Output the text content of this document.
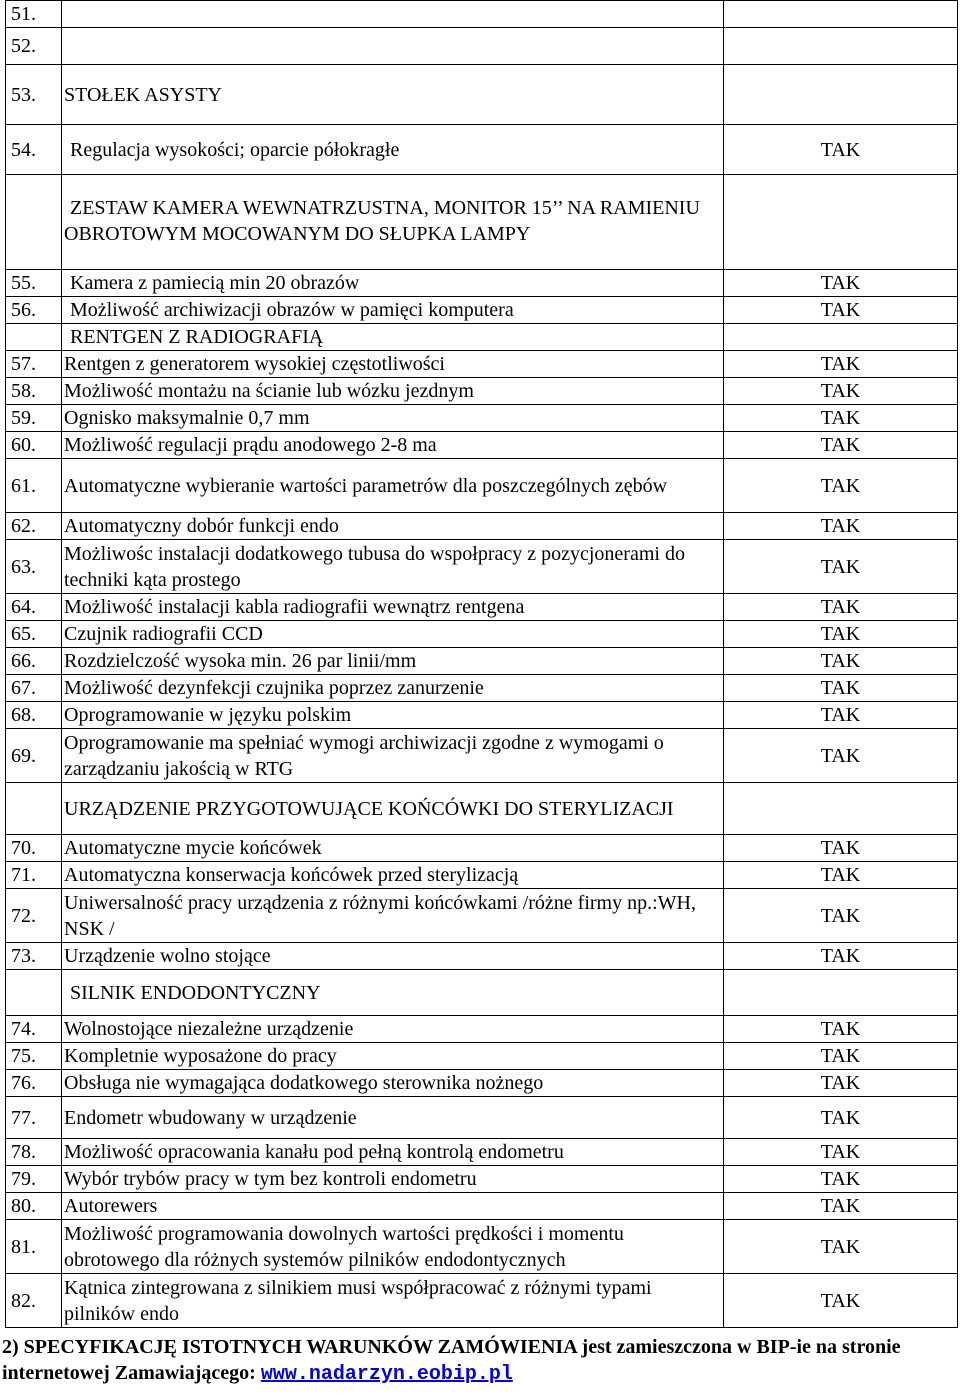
51.		
52.		
53.	STOŁEK ASYSTY	
54.	Regulacja wysokości; oparcie półokragłe	TAK
	ZESTAW KAMERA WEWNATRZUSTNA, MONITOR 15’’ NA RAMIENIU OBROTOWYM MOCOWANYM DO SŁUPKA LAMPY	
55.	Kamera z pamiecią min 20 obrazów	TAK
56.	Możliwość archiwizacji obrazów w pamięci komputera	TAK
	RENTGEN Z RADIOGRAFIĄ	
57.	Rentgen z generatorem wysokiej częstotliwości	TAK
58.	Możliwość montażu na ścianie lub wózku jezdnym	TAK
59.	Ognisko maksymalnie 0,7 mm	TAK
60.	Możliwość regulacji prądu anodowego 2-8 ma	TAK
61.	Automatyczne wybieranie wartości parametrów dla poszczególnych zębów	TAK
62.	Automatyczny dobór funkcji endo	TAK
63.	Możliwośc instalacji dodatkowego tubusa do wspołpracy z pozycjonerami do techniki kąta prostego	TAK
64.	Możliwość instalacji kabla radiografii wewnątrz rentgena	TAK
65.	Czujnik radiografii CCD	TAK
66.	Rozdzielczość wysoka min. 26 par linii/mm	TAK
67.	Możliwość dezynfekcji czujnika poprzez zanurzenie	TAK
68.	Oprogramowanie w języku polskim	TAK
69.	Oprogramowanie ma spełniać wymogi archiwizacji zgodne z wymogami o zarządzaniu jakością w RTG	TAK
	URZĄDZENIE PRZYGOTOWUJĄCE KOŃCÓWKI DO STERYLIZACJI	
70.	Automatyczne mycie końcówek	TAK
71.	Automatyczna konserwacja końcówek przed sterylizacją	TAK
72.	Uniwersalność pracy urządzenia z różnymi końcówkami /różne firmy np.:WH, NSK /	TAK
73.	Urządzenie wolno stojące	TAK
	SILNIK ENDODONTYCZNY	
74.	Wolnostojące niezależne urządzenie	TAK
75.	Kompletnie wyposażone do pracy	TAK
76.	Obsługa nie wymagająca dodatkowego sterownika nożnego	TAK
77.	Endometr wbudowany w urządzenie	TAK
78.	Możliwość opracowania kanału pod pełną kontrolą endometru	TAK
79.	Wybór trybów pracy w tym bez kontroli endometru	TAK
80.	Autorewers	TAK
81.	Możliwość programowania dowolnych wartości prędkości i momentu obrotowego dla różnych systemów pilników endodontycznych	TAK
82.	Kątnica zintegrowana z silnikiem musi współpracować z różnymi typami pilników endo	TAK
2) SPECYFIKACJĘ ISTOTNYCH WARUNKÓW ZAMÓWIENIA jest zamieszczona w BIP-ie na stronie internetowej Zamawiającego: www.nadarzyn.eobip.pl
